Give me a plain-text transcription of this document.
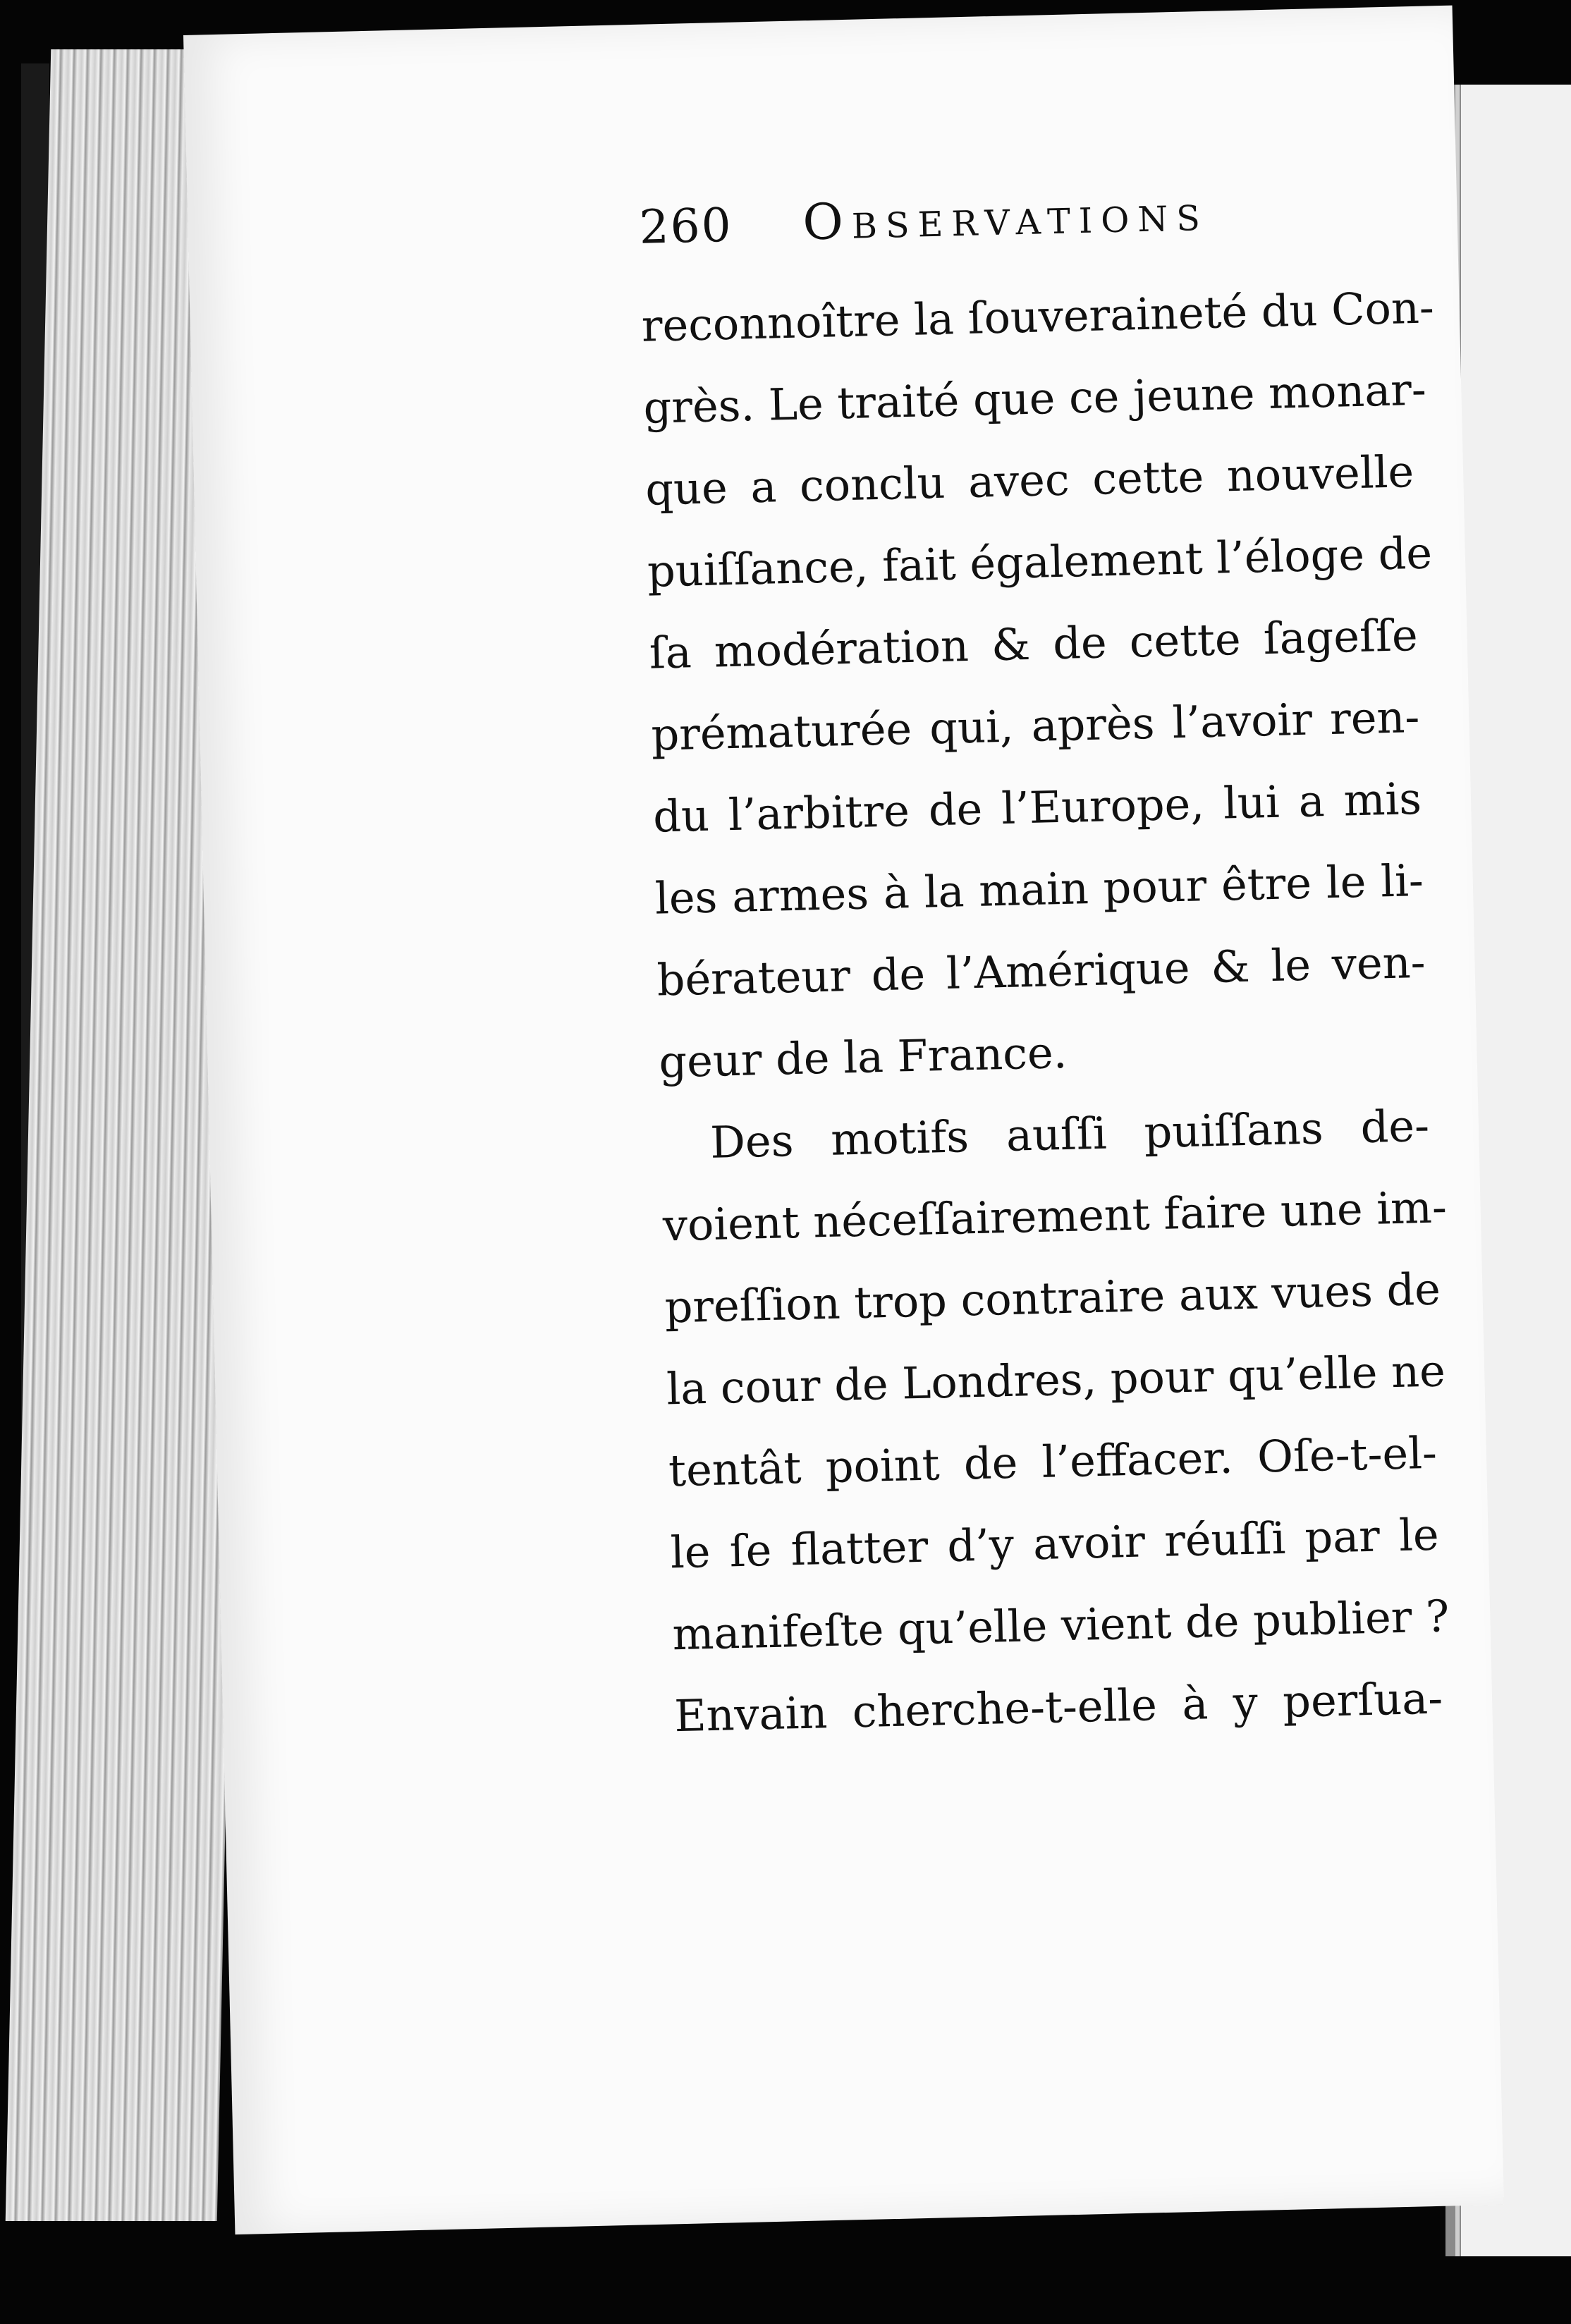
260 Observations
reconnoître la ſouveraineté du Con-
grès. Le traité que ce jeune monar-
que a conclu avec cette nouvelle
puiſſance, fait également l’éloge de
ſa modération & de cette ſageſſe
prématurée qui, après l’avoir ren-
du l’arbitre de l’Europe, lui a mis
les armes à la main pour être le li-
bérateur de l’Amérique & le ven-
geur de la France.
Des motifs auſſi puiſſans de-
voient néceſſairement faire une im-
preſſion trop contraire aux vues de
la cour de Londres, pour qu’elle ne
tentât point de l’effacer. Oſe-t-el-
le ſe flatter d’y avoir réuſſi par le
manifeſte qu’elle vient de publier ?
Envain cherche-t-elle à y perſua-
